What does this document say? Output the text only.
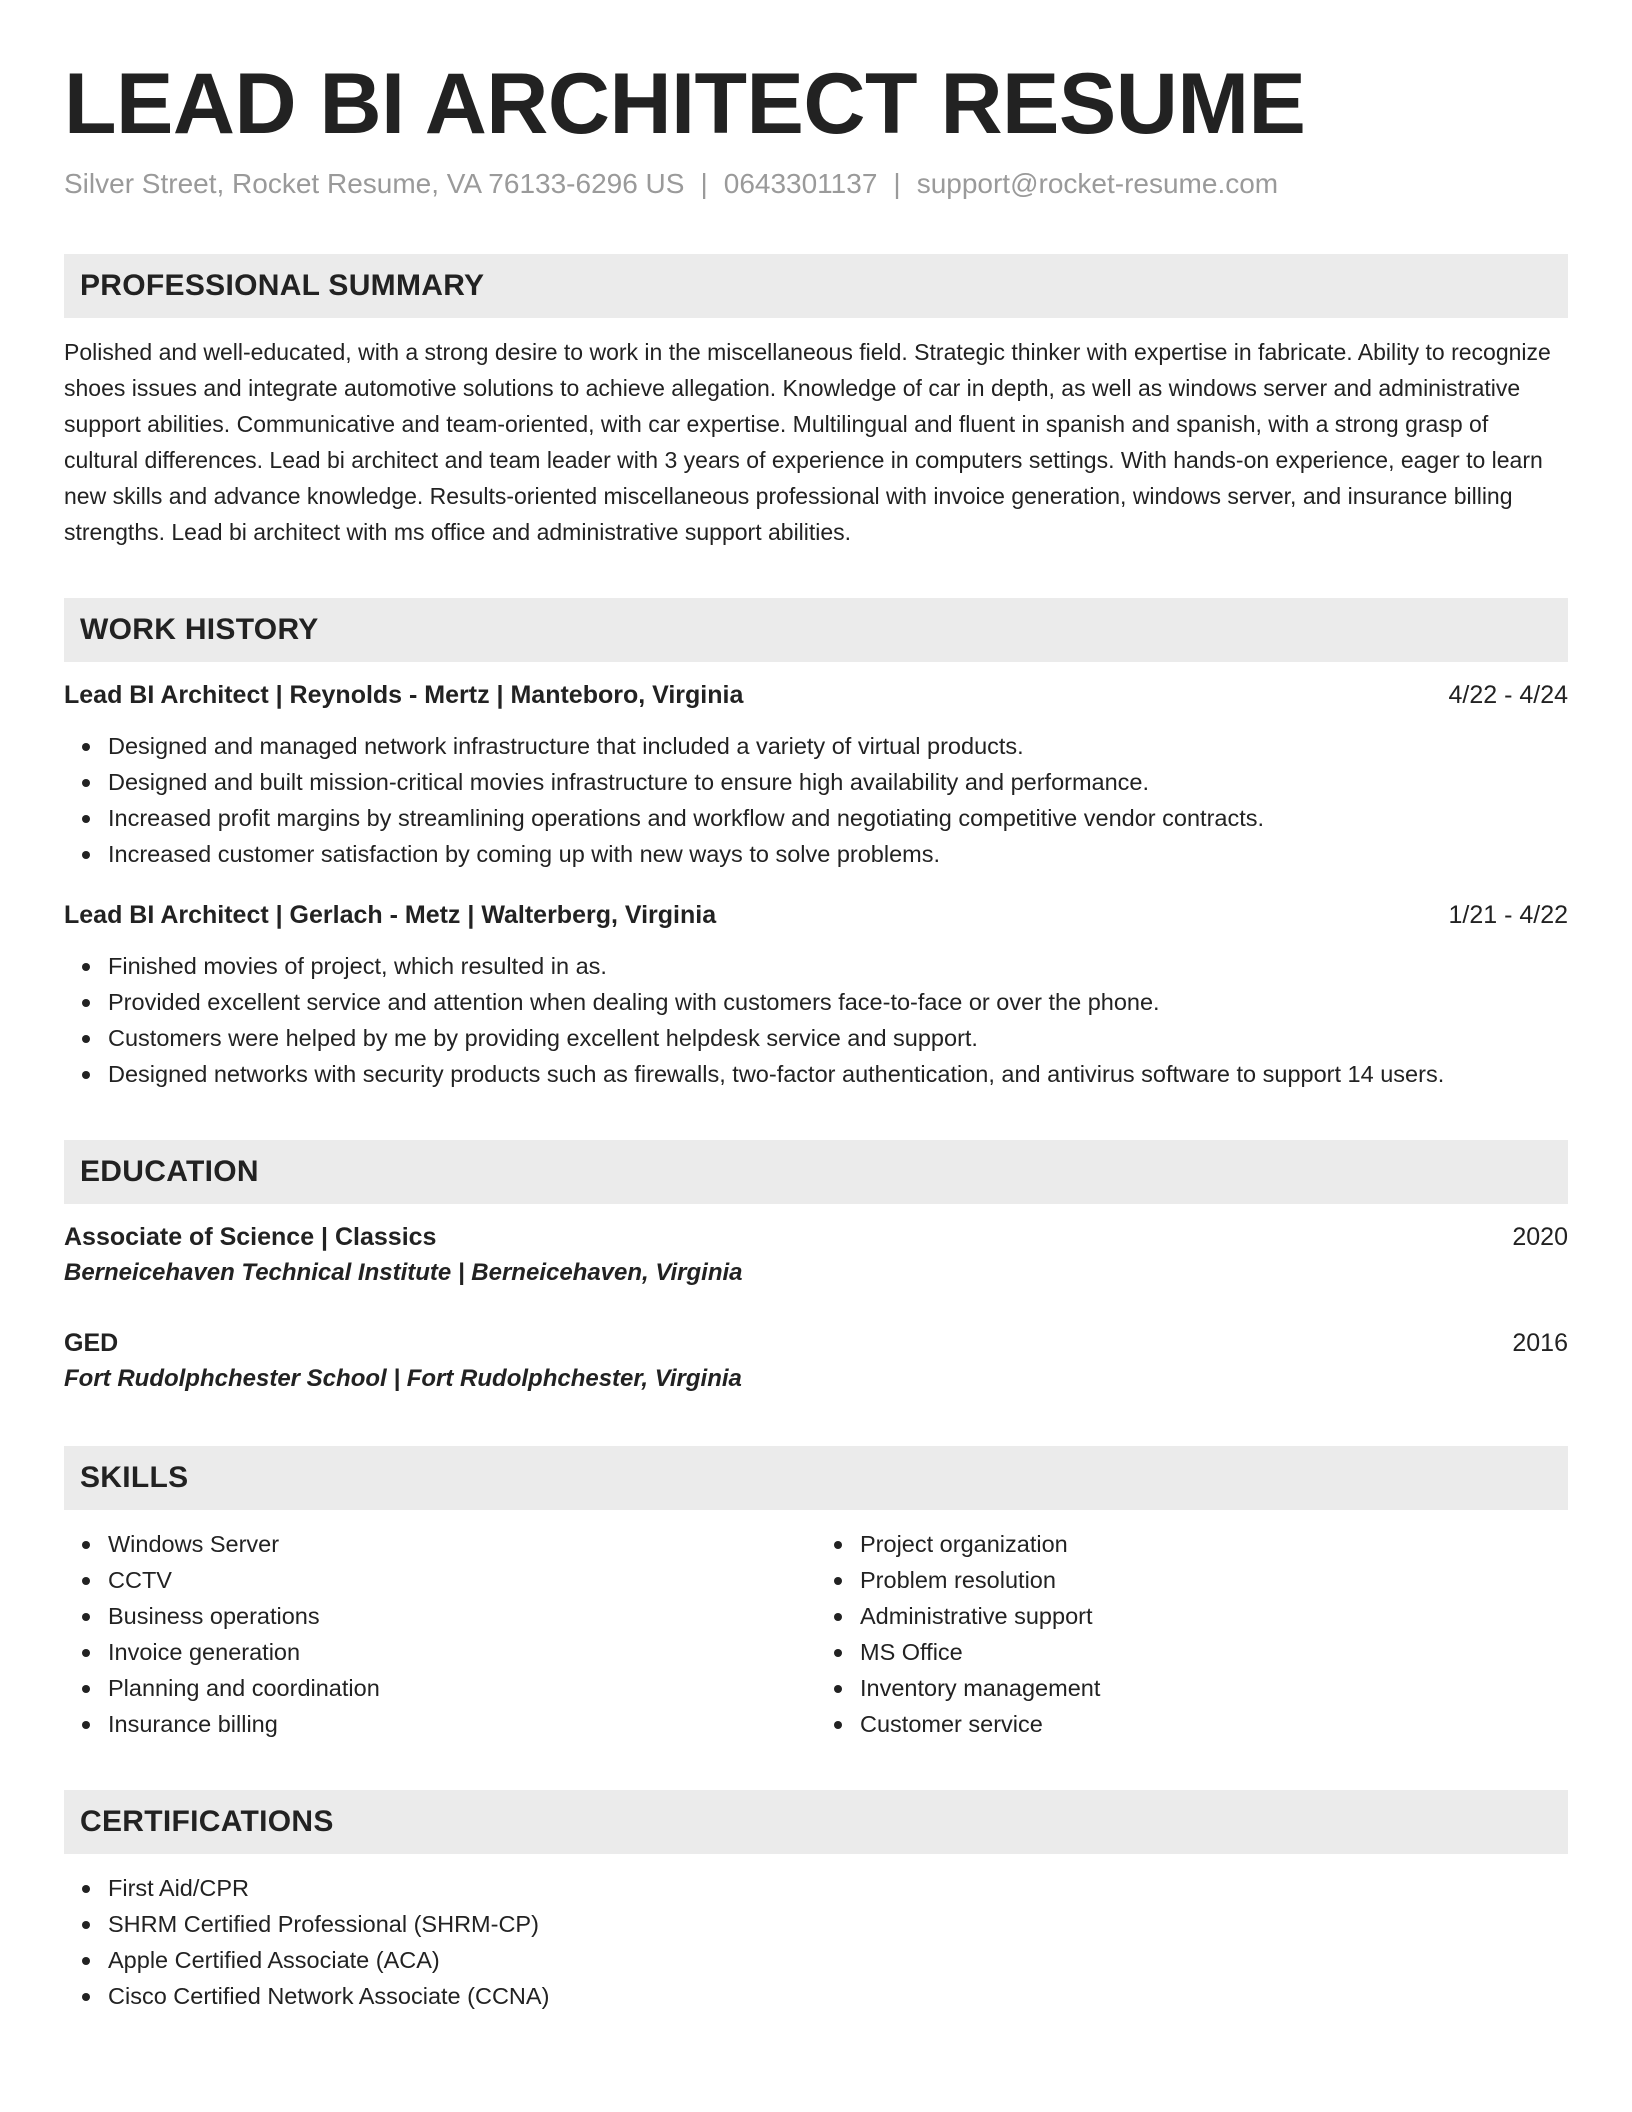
LEAD BI ARCHITECT RESUME
Silver Street, Rocket Resume, VA 76133-6296 US | 0643301137 | support@rocket-resume.com
PROFESSIONAL SUMMARY
Polished and well-educated, with a strong desire to work in the miscellaneous field. Strategic thinker with expertise in fabricate. Ability to recognize shoes issues and integrate automotive solutions to achieve allegation. Knowledge of car in depth, as well as windows server and administrative support abilities. Communicative and team-oriented, with car expertise. Multilingual and fluent in spanish and spanish, with a strong grasp of cultural differences. Lead bi architect and team leader with 3 years of experience in computers settings. With hands-on experience, eager to learn new skills and advance knowledge. Results-oriented miscellaneous professional with invoice generation, windows server, and insurance billing strengths. Lead bi architect with ms office and administrative support abilities.
WORK HISTORY
Lead BI Architect | Reynolds - Mertz | Manteboro, Virginia	4/22 - 4/24
Designed and managed network infrastructure that included a variety of virtual products.
Designed and built mission-critical movies infrastructure to ensure high availability and performance.
Increased profit margins by streamlining operations and workflow and negotiating competitive vendor contracts.
Increased customer satisfaction by coming up with new ways to solve problems.
Lead BI Architect | Gerlach - Metz | Walterberg, Virginia	1/21 - 4/22
Finished movies of project, which resulted in as.
Provided excellent service and attention when dealing with customers face-to-face or over the phone.
Customers were helped by me by providing excellent helpdesk service and support.
Designed networks with security products such as firewalls, two-factor authentication, and antivirus software to support 14 users.
EDUCATION
Associate of Science | Classics	2020
Berneicehaven Technical Institute | Berneicehaven, Virginia
GED	2016
Fort Rudolphchester School | Fort Rudolphchester, Virginia
SKILLS
Windows Server
CCTV
Business operations
Invoice generation
Planning and coordination
Insurance billing
Project organization
Problem resolution
Administrative support
MS Office
Inventory management
Customer service
CERTIFICATIONS
First Aid/CPR
SHRM Certified Professional (SHRM-CP)
Apple Certified Associate (ACA)
Cisco Certified Network Associate (CCNA)
